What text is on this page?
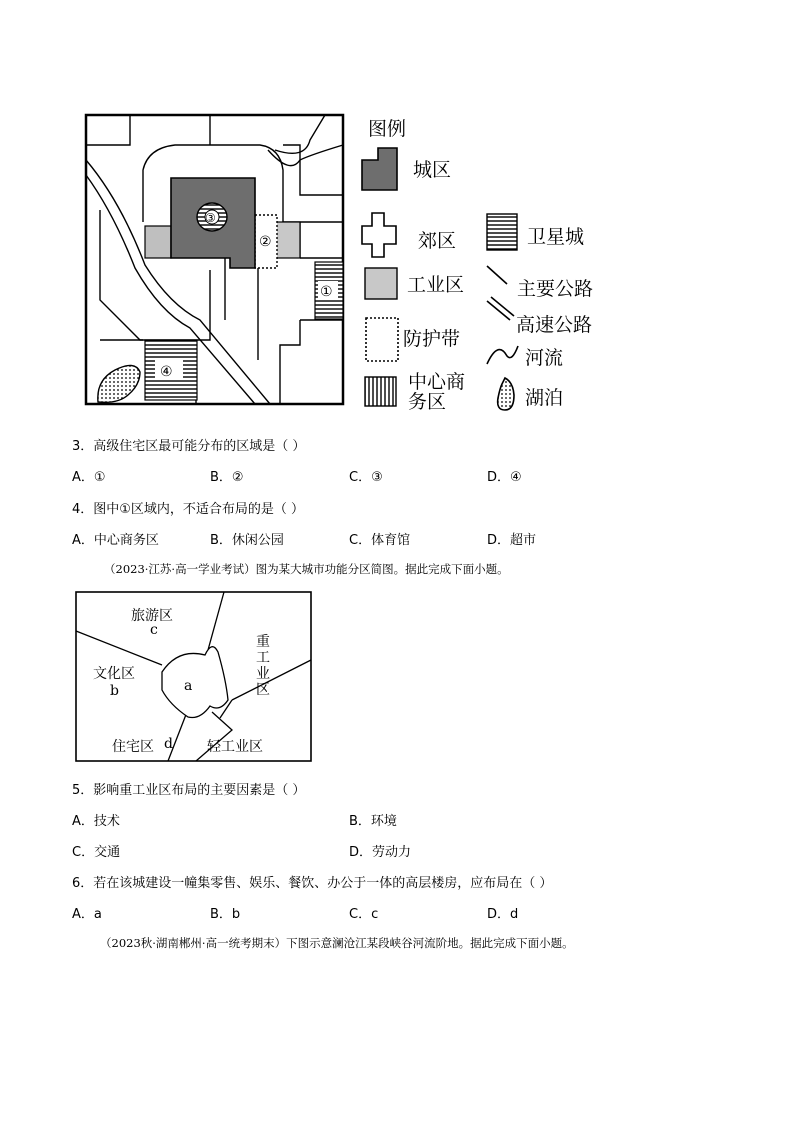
③
①
②
④
图例
城区
郊区	卫星城
工业区	主要公路
防护带
高速公路
河流
中心商
务区	湖泊
3．高级住宅区最可能分布的区域是（ ）
A．①	B．②	C．③	D．④
4．图中①区域内，不适合布局的是（ ）
A．中心商务区	B．休闲公园	C．体育馆	D．超市
（2023·江苏·高一学业考试）图为某大城市功能分区简图。据此完成下面小题。
旅游区
c
重
工
业
区
文化区
b	a
住宅区 d 轻工业区
5．影响重工业区布局的主要因素是（ ）
A．技术	B．环境
C．交通	D．劳动力
6．若在该城建设一幢集零售、娱乐、餐饮、办公于一体的高层楼房，应布局在（ ）
A．a	B．b	C．c	D．d
（2023秋·湖南郴州·高一统考期末）下图示意澜沧江某段峡谷河流阶地。据此完成下面小题。
